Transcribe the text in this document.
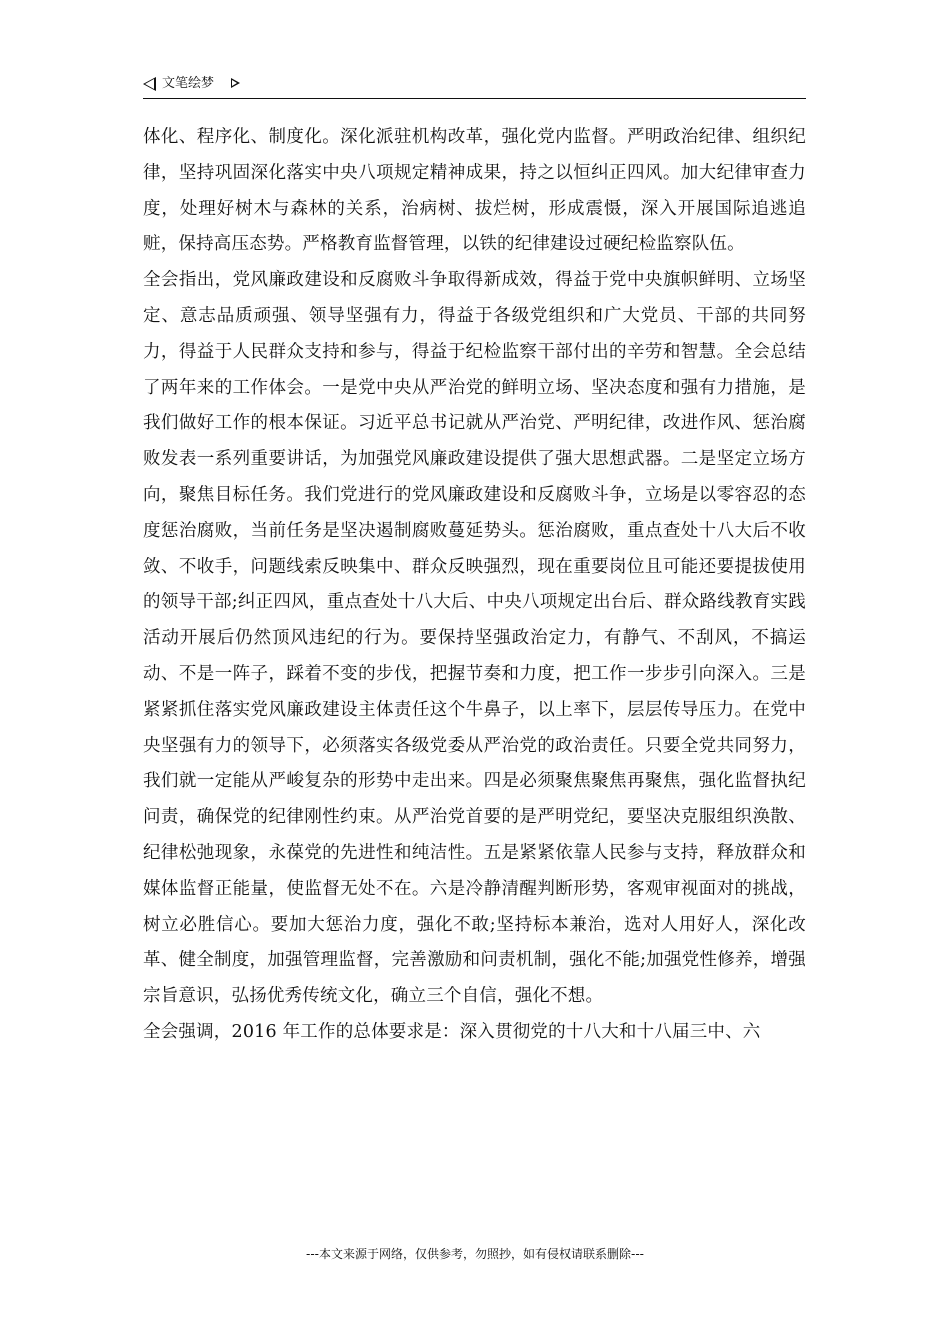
文笔绘梦

体化、程序化、制度化。深化派驻机构改革，强化党内监督。严明政治纪律、组织纪律，坚持巩固深化落实中央八项规定精神成果，持之以恒纠正四风。加大纪律审查力度，处理好树木与森林的关系，治病树、拔烂树，形成震慑，深入开展国际追逃追赃，保持高压态势。严格教育监督管理，以铁的纪律建设过硬纪检监察队伍。

全会指出，党风廉政建设和反腐败斗争取得新成效，得益于党中央旗帜鲜明、立场坚定、意志品质顽强、领导坚强有力，得益于各级党组织和广大党员、干部的共同努力，得益于人民群众支持和参与，得益于纪检监察干部付出的辛劳和智慧。全会总结了两年来的工作体会。一是党中央从严治党的鲜明立场、坚决态度和强有力措施，是我们做好工作的根本保证。习近平总书记就从严治党、严明纪律，改进作风、惩治腐败发表一系列重要讲话，为加强党风廉政建设提供了强大思想武器。二是坚定立场方向，聚焦目标任务。我们党进行的党风廉政建设和反腐败斗争，立场是以零容忍的态度惩治腐败，当前任务是坚决遏制腐败蔓延势头。惩治腐败，重点查处十八大后不收敛、不收手，问题线索反映集中、群众反映强烈，现在重要岗位且可能还要提拔使用的领导干部;纠正四风，重点查处十八大后、中央八项规定出台后、群众路线教育实践活动开展后仍然顶风违纪的行为。要保持坚强政治定力，有静气、不刮风，不搞运动、不是一阵子，踩着不变的步伐，把握节奏和力度，把工作一步步引向深入。三是紧紧抓住落实党风廉政建设主体责任这个牛鼻子，以上率下，层层传导压力。在党中央坚强有力的领导下，必须落实各级党委从严治党的政治责任。只要全党共同努力，我们就一定能从严峻复杂的形势中走出来。四是必须聚焦聚焦再聚焦，强化监督执纪问责，确保党的纪律刚性约束。从严治党首要的是严明党纪，要坚决克服组织涣散、纪律松弛现象，永葆党的先进性和纯洁性。五是紧紧依靠人民参与支持，释放群众和媒体监督正能量，使监督无处不在。六是冷静清醒判断形势，客观审视面对的挑战，树立必胜信心。要加大惩治力度，强化不敢;坚持标本兼治，选对人用好人，深化改革、健全制度，加强管理监督，完善激励和问责机制，强化不能;加强党性修养，增强宗旨意识，弘扬优秀传统文化，确立三个自信，强化不想。

全会强调，2016 年工作的总体要求是：深入贯彻党的十八大和十八届三中、六

---本文来源于网络，仅供参考，勿照抄，如有侵权请联系删除---
